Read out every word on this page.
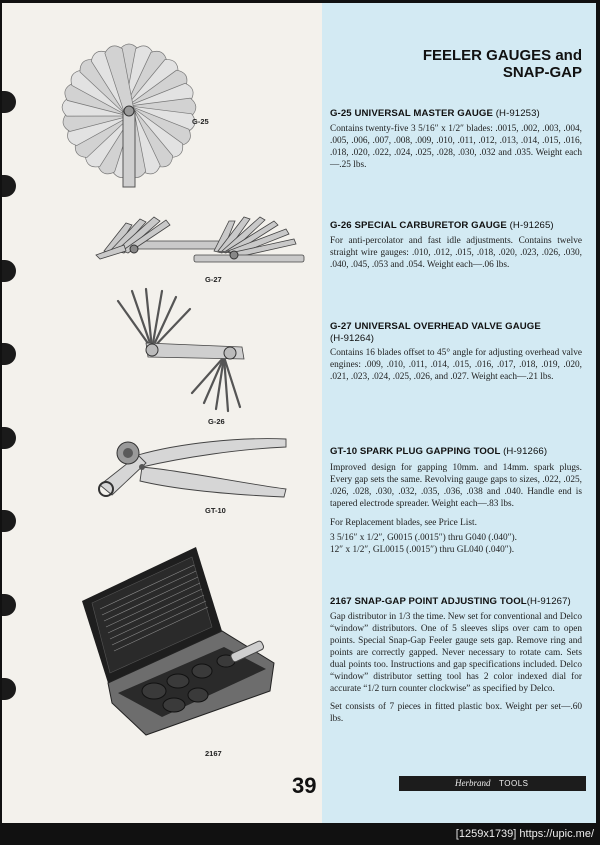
G-25
G-27
G-26
GT-10
2167
FEELER GAUGES and
SNAP-GAP
G-25 UNIVERSAL MASTER GAUGE (H-91253)

Contains twenty-five 3 5/16″ x 1/2″ blades: .0015, .002, .003, .004, .005, .006, .007, .008, .009, .010, .011, .012, .013, .014, .015, .016, .018, .020, .022, .024, .025, .028, .030, .032 and .035. Weight each—.25 lbs.

G-26 SPECIAL CARBURETOR GAUGE (H-91265)

For anti-percolator and fast idle adjustments. Contains twelve straight wire gauges: .010, .012, .015, .018, .020, .023, .026, .030, .040, .045, .053 and .054. Weight each—.06 lbs.

G-27 UNIVERSAL OVERHEAD VALVE GAUGE
(H-91264)

Contains 16 blades offset to 45° angle for adjusting overhead valve engines: .009, .010, .011, .014, .015, .016, .017, .018, .019, .020, .021, .023, .024, .025, .026, and .027. Weight each—.21 lbs.

GT-10 SPARK PLUG GAPPING TOOL (H-91266)

Improved design for gapping 10mm. and 14mm. spark plugs. Every gap sets the same. Revolving gauge gaps to sizes, .022, .025, .026, .028, .030, .032, .035, .036, .038 and .040. Handle end is tapered electrode spreader. Weight each—.83 lbs.

For Replacement blades, see Price List.

3 5/16″ x 1/2″, G0015 (.0015″) thru G040 (.040″).

12″ x 1/2″, GL0015 (.0015″) thru GL040 (.040″).

2167 SNAP-GAP POINT ADJUSTING TOOL(H-91267)

Gap distributor in 1/3 the time. New set for conventional and Delco “window” distributors. One of 5 sleeves slips over cam to open points. Special Snap-Gap Feeler gauge sets gap. Remove ring and points are correctly gapped. Never necessary to rotate cam. Sets dual points too. Instructions and gap specifications included. Delco “window” distributor setting tool has 2 color indexed dial for accurate “1/2 turn counter clockwise” as specified by Delco.

Set consists of 7 pieces in fitted plastic box. Weight per set—.60 lbs.

39	Herbrand TOOLS
[1259x1739] https://upic.me/
